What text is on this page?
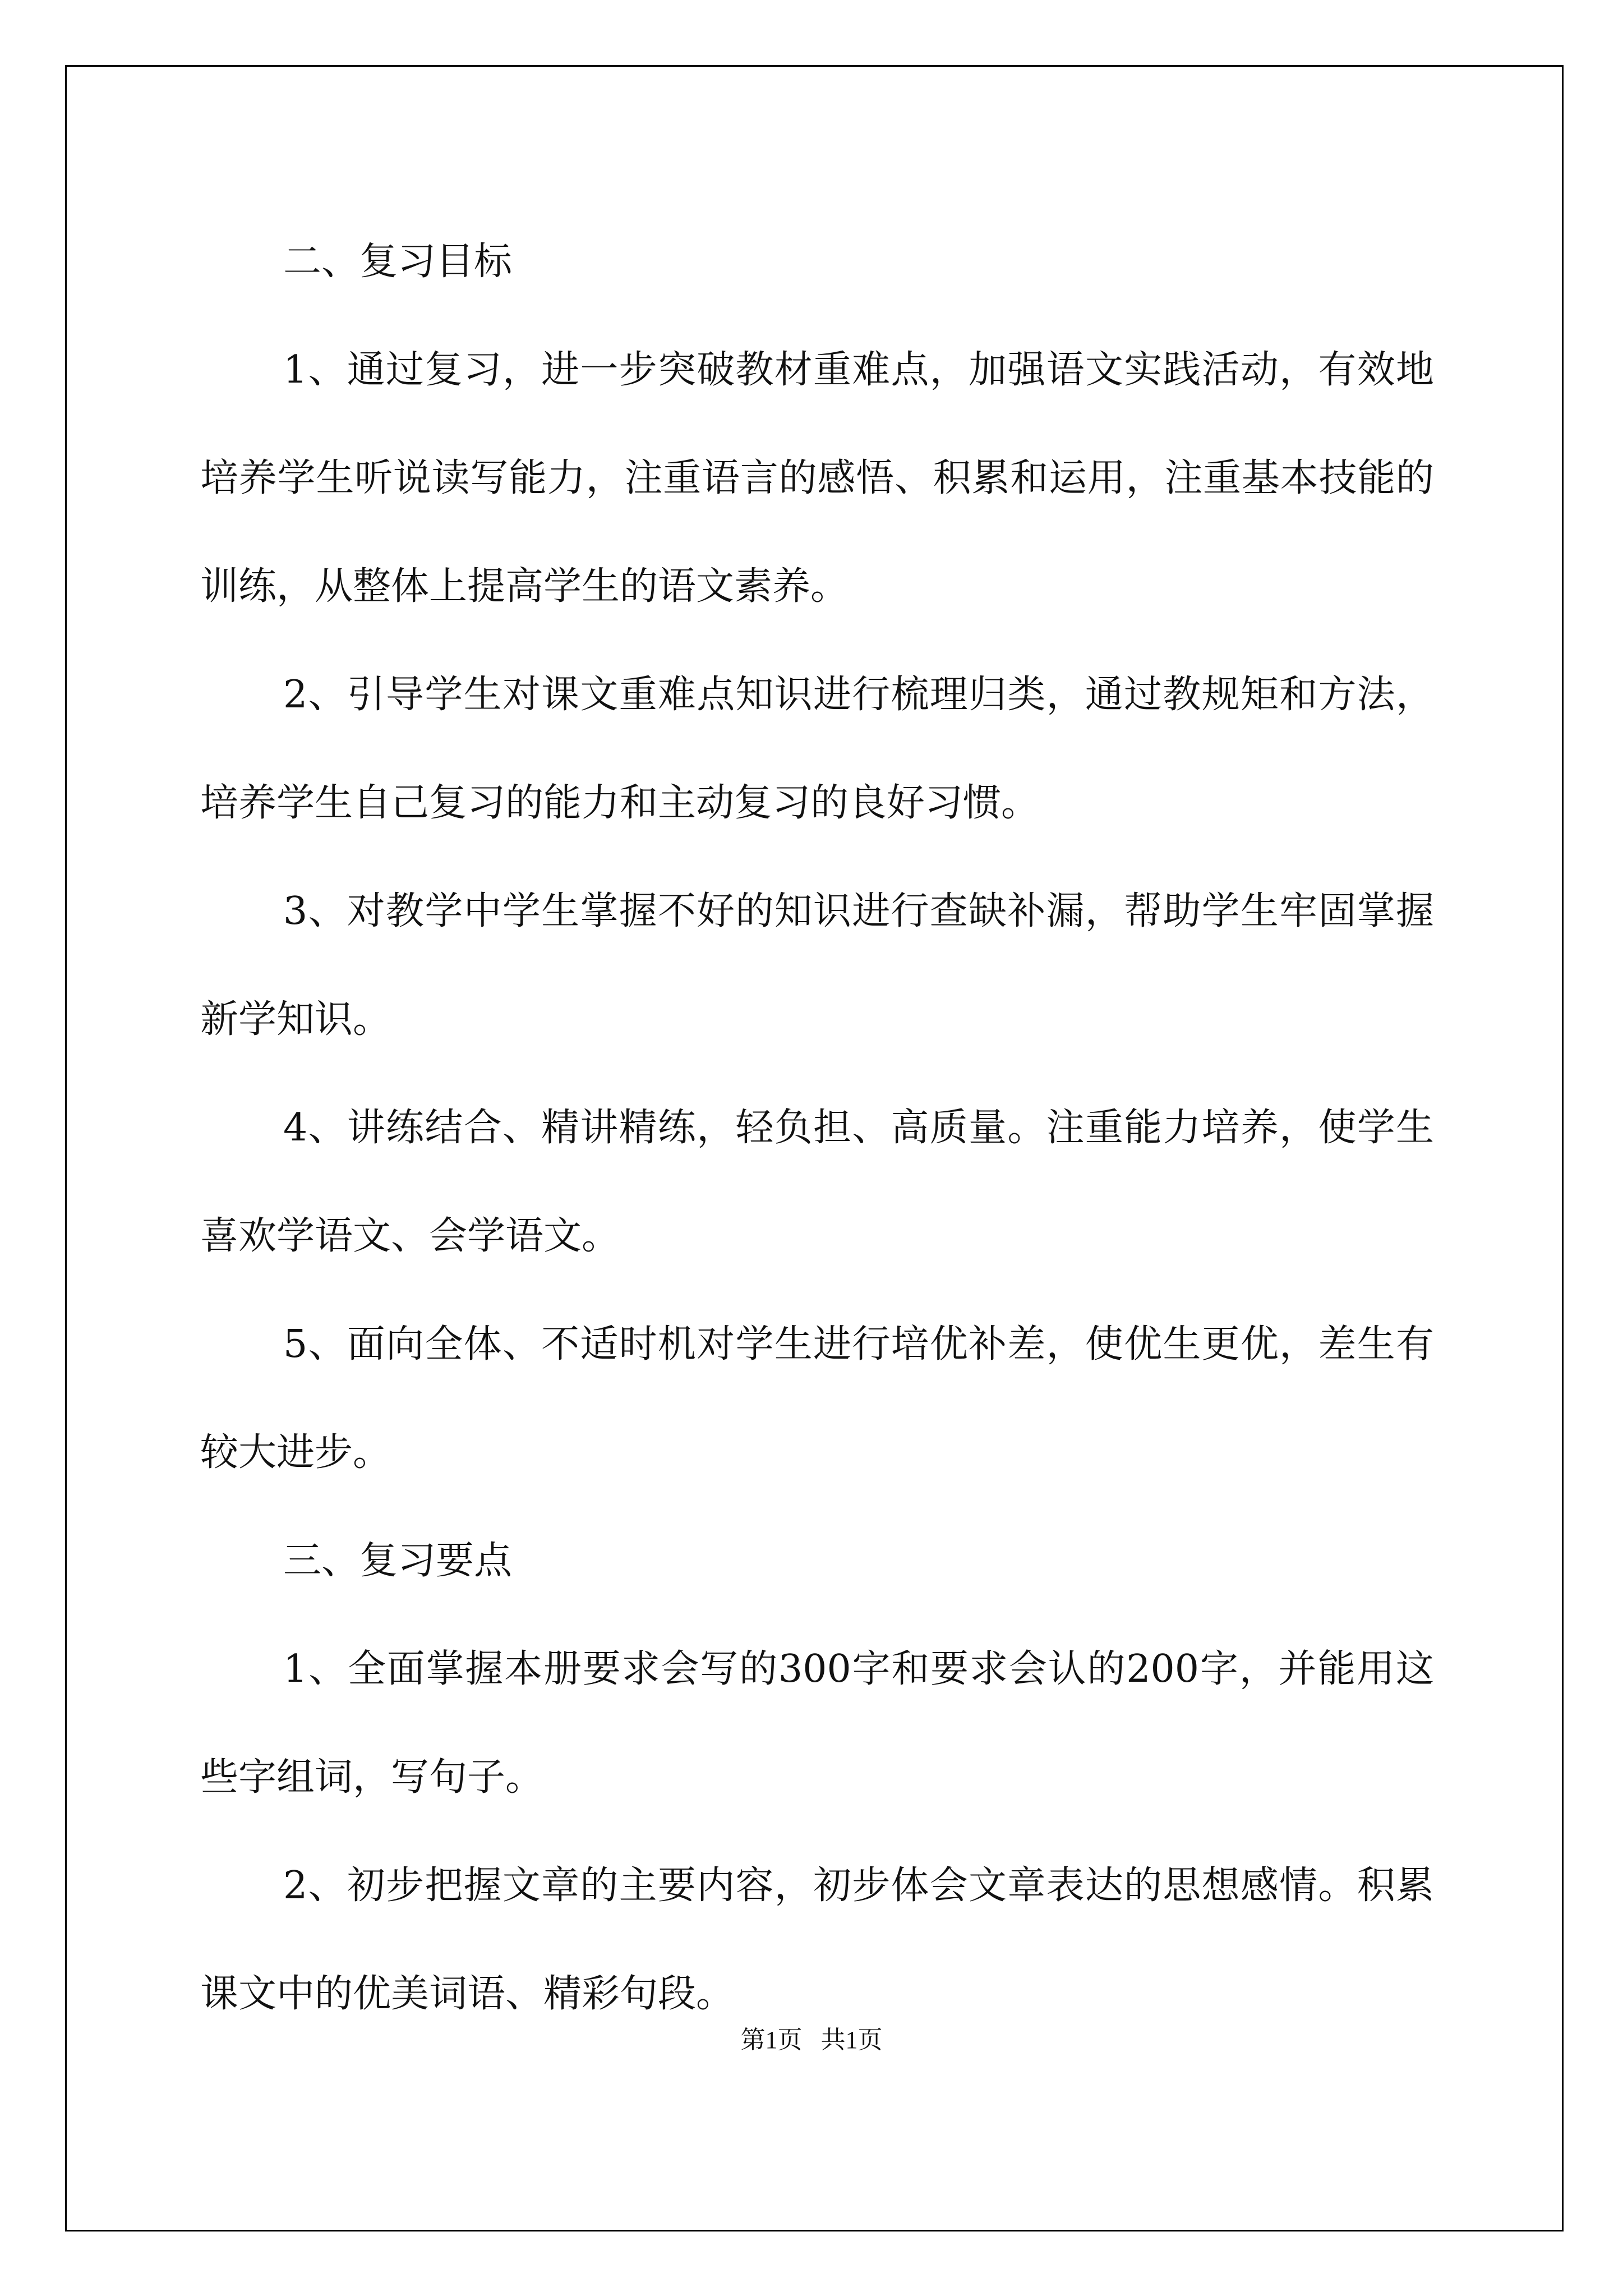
二、复习目标

1、通过复习，进一步突破教材重难点，加强语文实践活动，有效地培养学生听说读写能力，注重语言的感悟、积累和运用，注重基本技能的训练，从整体上提高学生的语文素养。

2、引导学生对课文重难点知识进行梳理归类，通过教规矩和方法，培养学生自己复习的能力和主动复习的良好习惯。

3、对教学中学生掌握不好的知识进行查缺补漏，帮助学生牢固掌握新学知识。

4、讲练结合、精讲精练，轻负担、高质量。注重能力培养，使学生喜欢学语文、会学语文。

5、面向全体、不适时机对学生进行培优补差，使优生更优，差生有较大进步。

三、复习要点

1、全面掌握本册要求会写的300字和要求会认的200字，并能用这些字组词，写句子。

2、初步把握文章的主要内容，初步体会文章表达的思想感情。积累课文中的优美词语、精彩句段。

第1页 共1页
